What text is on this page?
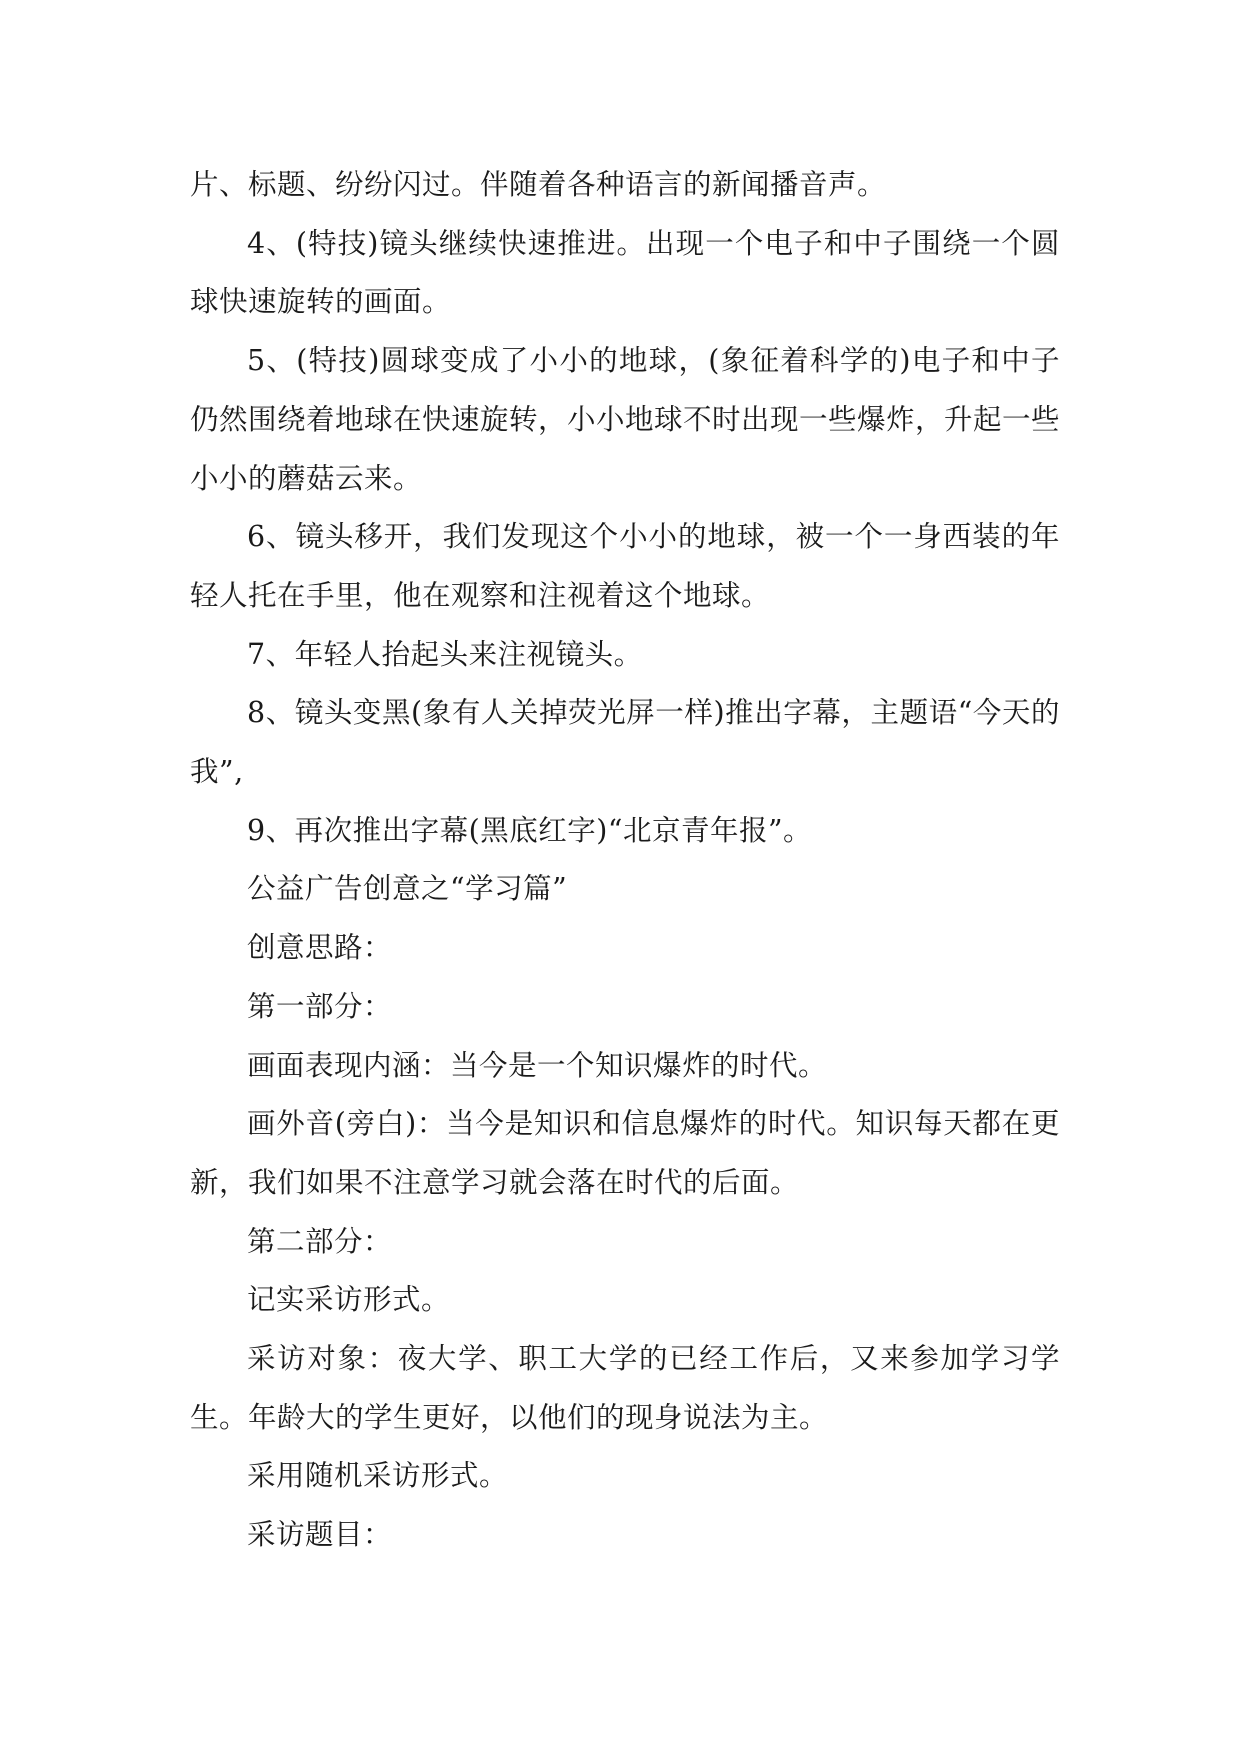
片、标题、纷纷闪过。伴随着各种语言的新闻播音声。

4、(特技)镜头继续快速推进。出现一个电子和中子围绕一个圆球快速旋转的画面。

5、(特技)圆球变成了小小的地球，(象征着科学的)电子和中子仍然围绕着地球在快速旋转，小小地球不时出现一些爆炸，升起一些小小的蘑菇云来。

6、镜头移开，我们发现这个小小的地球，被一个一身西装的年轻人托在手里，他在观察和注视着这个地球。

7、年轻人抬起头来注视镜头。

8、镜头变黑(象有人关掉荧光屏一样)推出字幕，主题语“今天的我”,

9、再次推出字幕(黑底红字)“北京青年报”。

公益广告创意之“学习篇”

创意思路：

第一部分：

画面表现内涵：当今是一个知识爆炸的时代。

画外音(旁白)：当今是知识和信息爆炸的时代。知识每天都在更新，我们如果不注意学习就会落在时代的后面。

第二部分：

记实采访形式。

采访对象：夜大学、职工大学的已经工作后，又来参加学习学生。年龄大的学生更好，以他们的现身说法为主。

采用随机采访形式。

采访题目：
